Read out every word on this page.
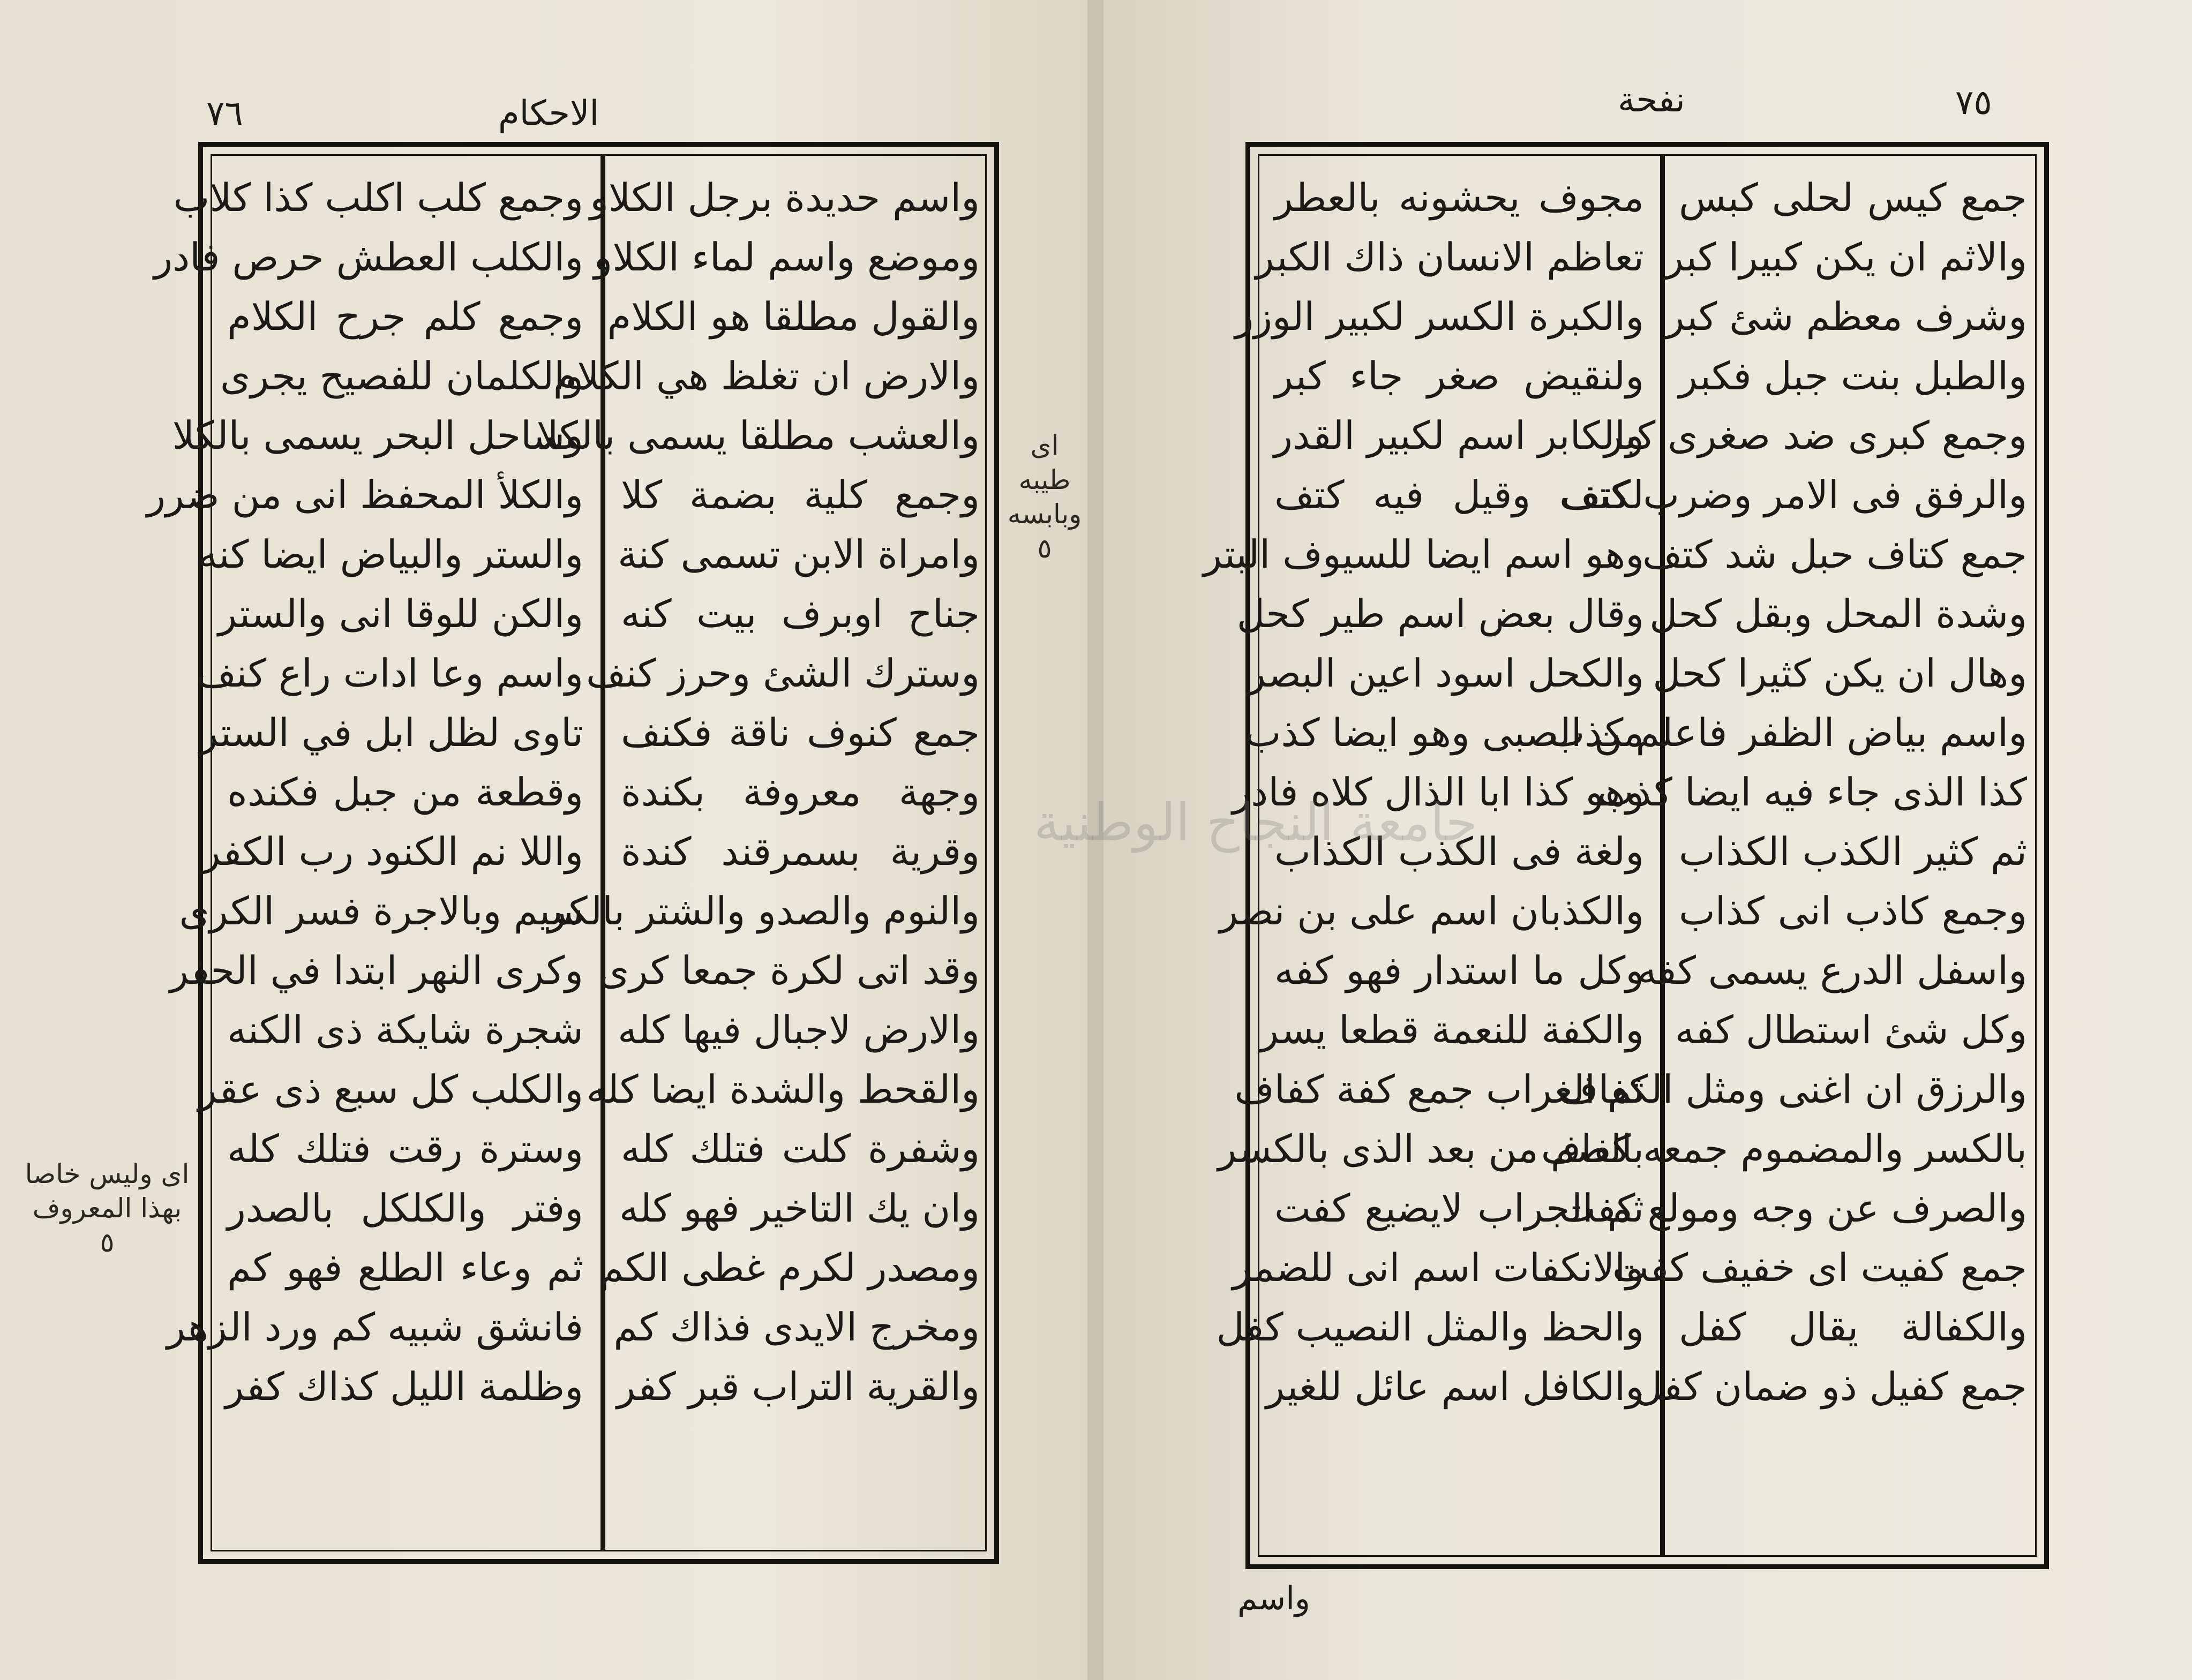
٧٦	الاحكام
واسم حديدة برجل الكلاو
وموضع واسم لماء الكلاو
والقول مطلقا هو الكلام
والارض ان تغلظ هي الكلام
والعشب مطلقا يسمى بالكلا
وجمع كلية بضمة كلا
وامراة الابن تسمى كنة
جناح اوبرف بيت كنه
وسترك الشئ وحرز كنف
جمع كنوف ناقة فكنف
وجهة معروفة بكندة
وقرية بسمرقند كندة
والنوم والصدو والشتر بالكر
وقد اتى لكرة جمعا كرى
والارض لاجبال فيها كله
والقحط والشدة ايضا كله
وشفرة كلت فتلك كله
وان يك التاخير فهو كله
ومصدر لكرم غطى الكم
ومخرج الايدى فذاك كم
والقرية التراب قبر كفر
وجمع كلب اكلب كذا كلاب
والكلب العطش حرص فادر
وجمع كلم جرح الكلام
والكلمان للفصيح يجرى
وساحل البحر يسمى بالكلا
والكلأ المحفظ انى من ضرر
والستر والبياض ايضا كنه
والكن للوقا انى والستر
واسم وعا ادات راع كنف
تاوى لظل ابل في الستر
وقطعة من جبل فكنده
واللا نم الكنود رب الكفر
سيم وبالاجرة فسر الكرى
وكرى النهر ابتدا في الحفر
شجرة شايكة ذى الكنه
والكلب كل سبع ذى عقر
وسترة رقت فتلك كله
وفتر والكلكل بالصدر
ثم وعاء الطلع فهو كم
فانشق شبيه كم ورد الزهر
وظلمة الليل كذاك كفر
اى طيبه
وبابسه
٥
اى وليس خاصا
بهذا المعروف
٥
نفحة	٧٥
جمع كيس لحلى كبس
والاثم ان يكن كبيرا كبر
وشرف معظم شئ كبر
والطبل بنت جبل فكبر
وجمع كبرى ضد صغرى كبر
والرفق فى الامر وضرب كتف
جمع كتاف حبل شد كتف
وشدة المحل وبقل كحل
وهال ان يكن كثيرا كحل
واسم بياض الظفر فاعلم كذب
كذا الذى جاء فيه ايضا كذب
ثم كثير الكذب الكذاب
وجمع كاذب انى كذاب
واسفل الدرع يسمى كفه
وكل شئ استطال كفه
والرزق ان اغنى ومثل الكفاف
بالكسر والمضموم جمعه كفاف
والصرف عن وجه ومولع كفت
جمع كفيت اى خفيف كفت
والكفالة يقال كفل
جمع كفيل ذو ضمان كفل
مجوف يحشونه بالعطر
تعاظم الانسان ذاك الكبر
والكبرة الكسر لكبير الوزر
ولنقيض صغر جاء كبر
والكابر اسم لكبير القدر
لكتف وقيل فيه كتف
وهو اسم ايضا للسيوف البتر
وقال بعض اسم طير كحل
والكحل اسود اعين البصر
من الصبى وهو ايضا كذب
وهو كذا ابا الذال كلاه فادر
ولغة فى الكذب الكذاب
والكذبان اسم على بن نصر
وكل ما استدار فهو كفه
والكفة للنعمة قطعا يسر
ثم الغراب جمع كفة كفاف
بالضم من بعد الذى بالكسر
ثم الجراب لايضيع كفت
والانكفات اسم انى للضمر
والحظ والمثل النصيب كفل
والكافل اسم عائل للغير
واسم
جامعة النجاح الوطنية
